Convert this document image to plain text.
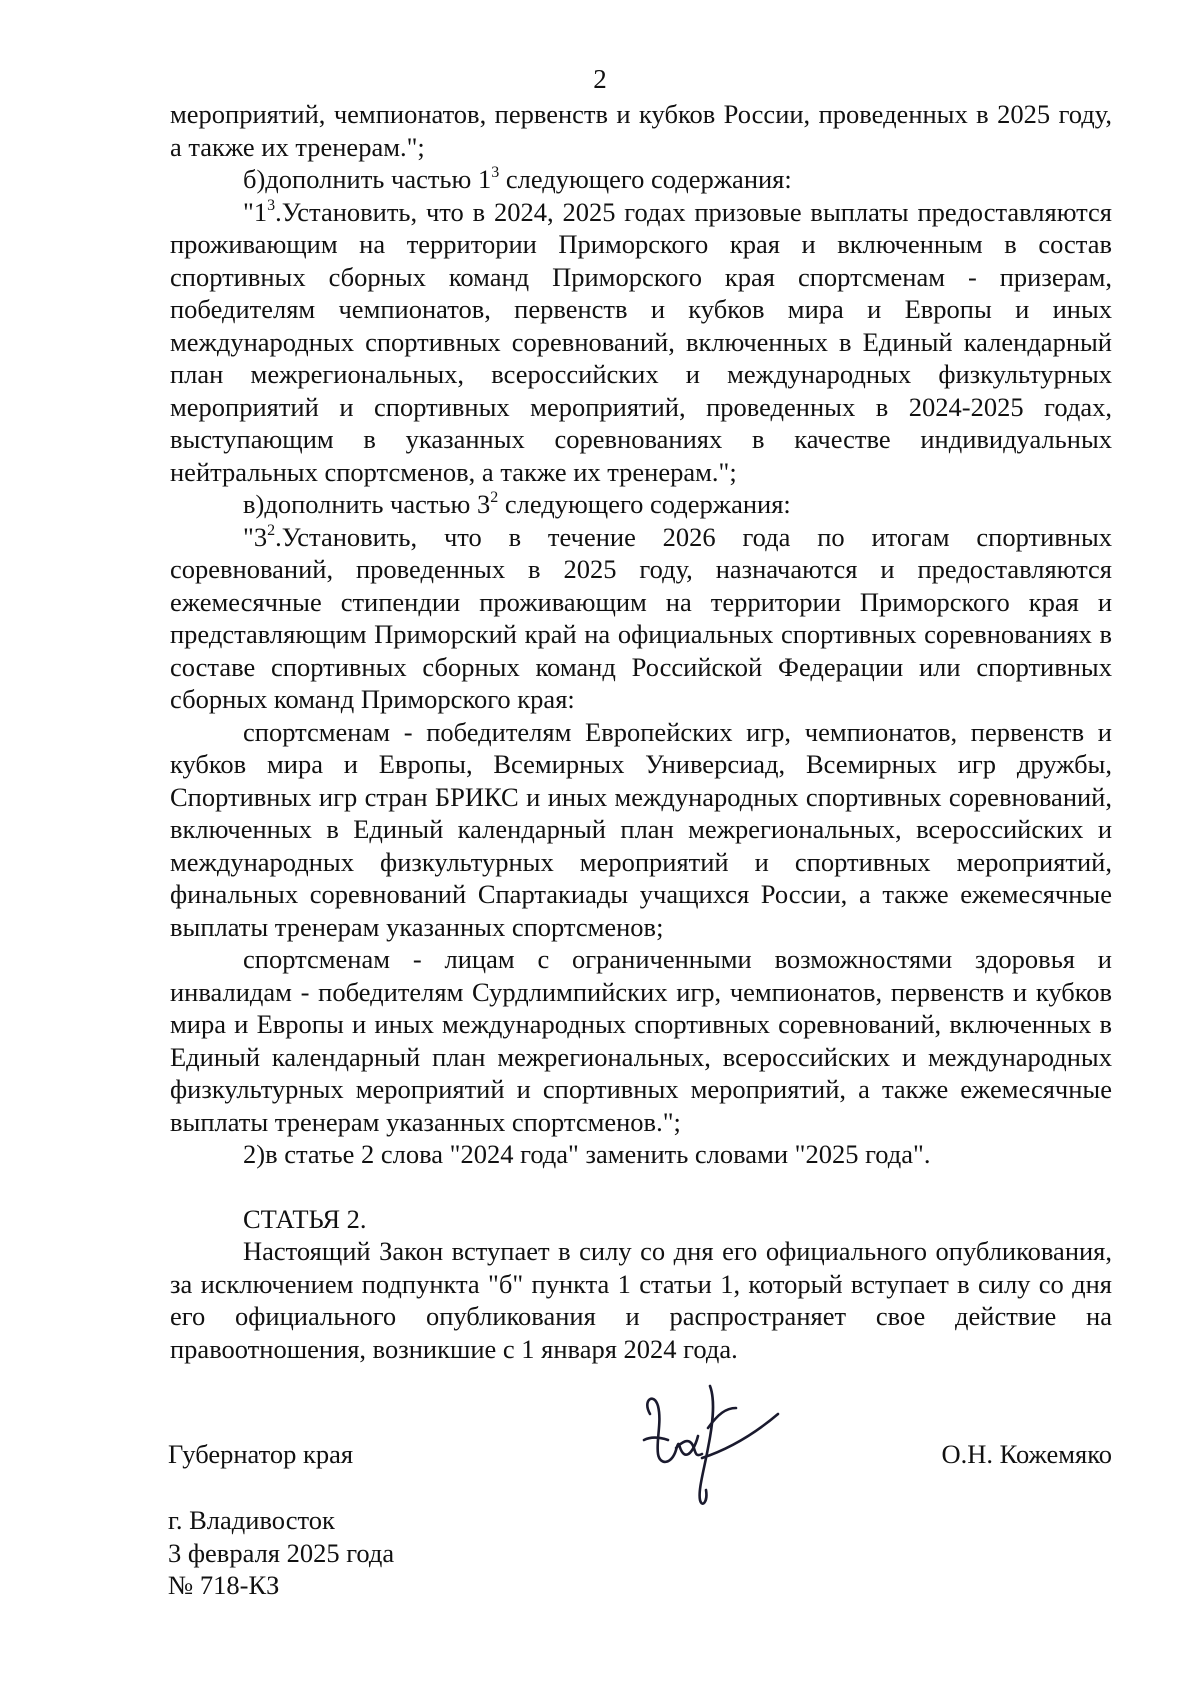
2

мероприятий, чемпионатов, первенств и кубков России, проведенных в 2025 году, а также их тренерам.";

б)дополнить частью $1^3$ следующего содержания:

"$1^3.Установить$, что в 2024, 2025 годах призовые выплаты предоставляются проживающим на территории Приморского края и включенным в состав спортивных сборных команд Приморского края спортсменам - призерам, победителям чемпионатов, первенств и кубков мира и Европы и иных международных спортивных соревнований, включенных в Единый календарный план межрегиональных, всероссийских и международных физкультурных мероприятий и спортивных мероприятий, проведенных в 2024-2025 годах, выступающим в указанных соревнованиях в качестве индивидуальных нейтральных спортсменов, а также их тренерам.";

в)дополнить частью $3^2$ следующего содержания:

"$3^2.Установить$, что в течение 2026 года по итогам спортивных соревнований, проведенных в 2025 году, назначаются и предоставляются ежемесячные стипендии проживающим на территории Приморского края и представляющим Приморский край на официальных спортивных соревнованиях в составе спортивных сборных команд Российской Федерации или спортивных сборных команд Приморского края:

спортсменам - победителям Европейских игр, чемпионатов, первенств и кубков мира и Европы, Всемирных Универсиад, Всемирных игр дружбы, Спортивных игр стран БРИКС и иных международных спортивных соревнований, включенных в Единый календарный план межрегиональных, всероссийских и международных физкультурных мероприятий и спортивных мероприятий, финальных соревнований Спартакиады учащихся России, а также ежемесячные выплаты тренерам указанных спортсменов;

спортсменам - лицам с ограниченными возможностями здоровья и инвалидам - победителям Сурдлимпийских игр, чемпионатов, первенств и кубков мира и Европы и иных международных спортивных соревнований, включенных в Единый календарный план межрегиональных, всероссийских и международных физкультурных мероприятий и спортивных мероприятий, а также ежемесячные выплаты тренерам указанных спортсменов.";

2)в статье 2 слова "2024 года" заменить словами "2025 года".

СТАТЬЯ 2.

Настоящий Закон вступает в силу со дня его официального опубликования, за исключением подпункта "б" пункта 1 статьи 1, который вступает в силу со дня его официального опубликования и распространяет свое действие на правоотношения, возникшие с 1 января 2024 года.

Губернатор края	О.Н. Кожемяко
г. Владивосток
3 февраля 2025 года
№ 718-КЗ
